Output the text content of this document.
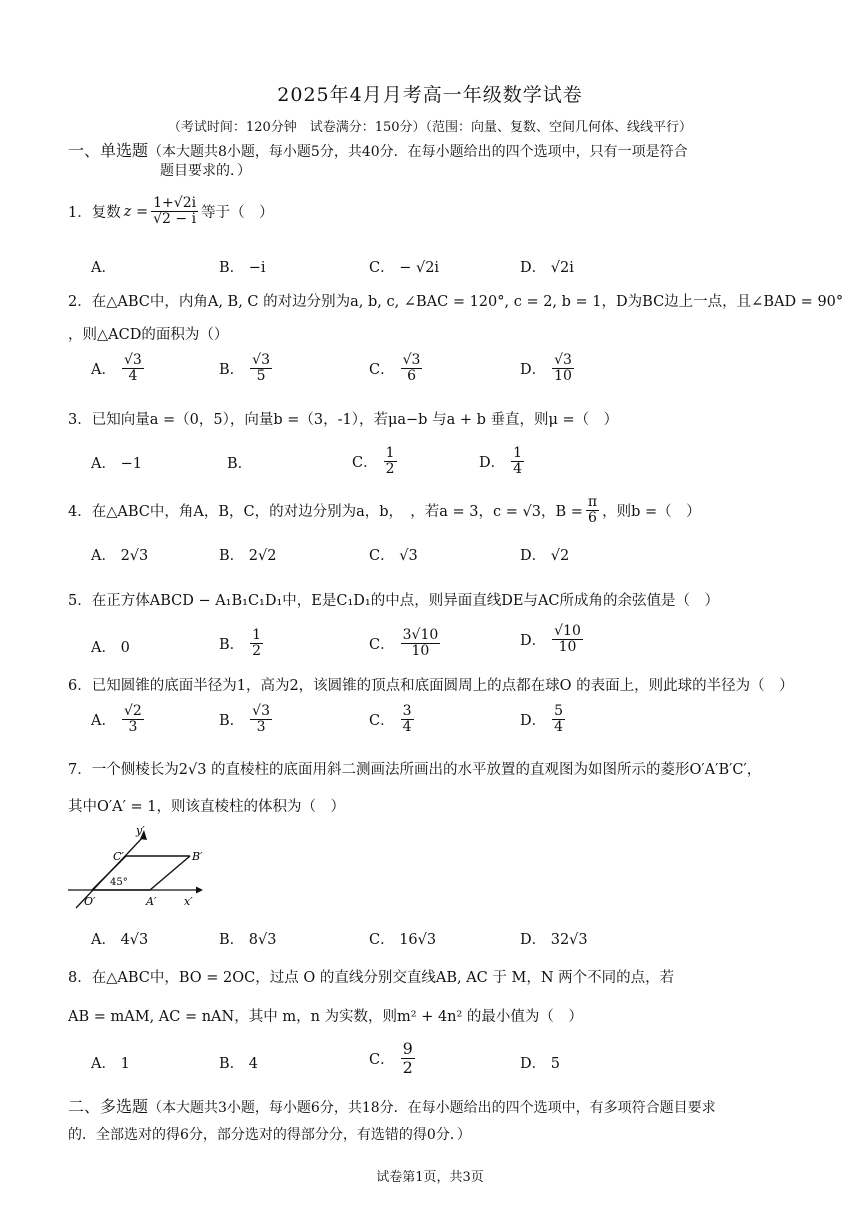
2025年4月月考高一年级数学试卷
（考试时间：120分钟　试卷满分：150分）（范围：向量、复数、空间几何体、线线平行）
一、单选题（本大题共8小题，每小题5分，共40分．在每小题给出的四个选项中，只有一项是符合
题目要求的．）
1．复数 $z = \frac{1+√2i}{√2 - i}$ 等于（　）
A．	B． −i	C． − √2i	D． √2i
2．在△ABC中，内角A, B, C 的对边分别为a, b, c, ∠BAC = 120°, c = 2, b = 1，D为BC边上一点，且∠BAD = 90°
，则△ACD的面积为（）
A． $\frac{√3}{4}$	B． $\frac{√3}{5}$	C． $\frac{√3}{6}$	D． $\frac{√3}{10}$
3．已知向量a =（0，5），向量b =（3，-1），若μa−b 与a + b 垂直，则μ =（　）
A． −1	B．	C． $\frac{1}{2}$	D． $\frac{1}{4}$
4．在△ABC中，角A，B，C，的对边分别为a，b，　，若a = 3，c = √3，$B = \frac{\pi}{6}$ ，则b =（　）
A． 2√3	B． 2√2	C． √3	D． √2
5．在正方体ABCD − A₁B₁C₁D₁中，E是C₁D₁的中点，则异面直线DE与AC所成角的余弦值是（　）
A． 0	B． $\frac{1}{2}$	C． $\frac{3√10}{10}$	D． $\frac{√10}{10}$
6．已知圆锥的底面半径为1，高为2，该圆锥的顶点和底面圆周上的点都在球O 的表面上，则此球的半径为（　）
A． $\frac{√2}{3}$	B． $\frac{√3}{3}$	C． $\frac{3}{4}$	D． $\frac{5}{4}$
7．一个侧棱长为2√3 的直棱柱的底面用斜二测画法所画出的水平放置的直观图为如图所示的菱形O′A′B′C′，
其中O′A′ = 1，则该直棱柱的体积为（　）
y′
C′	B′
45°
O′	A′	x′
A． 4√3	B． 8√3	C． 16√3	D． 32√3
8．在△ABC中，BO = 2OC，过点 O 的直线分别交直线AB, AC 于 M，N 两个不同的点，若
AB = mAM, AC = nAN，其中 m，n 为实数，则m² + 4n² 的最小值为（　）
A． 1	B． 4	C． $\frac{9}{2}$	D． 5
二、多选题（本大题共3小题，每小题6分，共18分．在每小题给出的四个选项中，有多项符合题目要求
的．全部选对的得6分，部分选对的得部分分，有选错的得0分．）
试卷第1页，共3页
